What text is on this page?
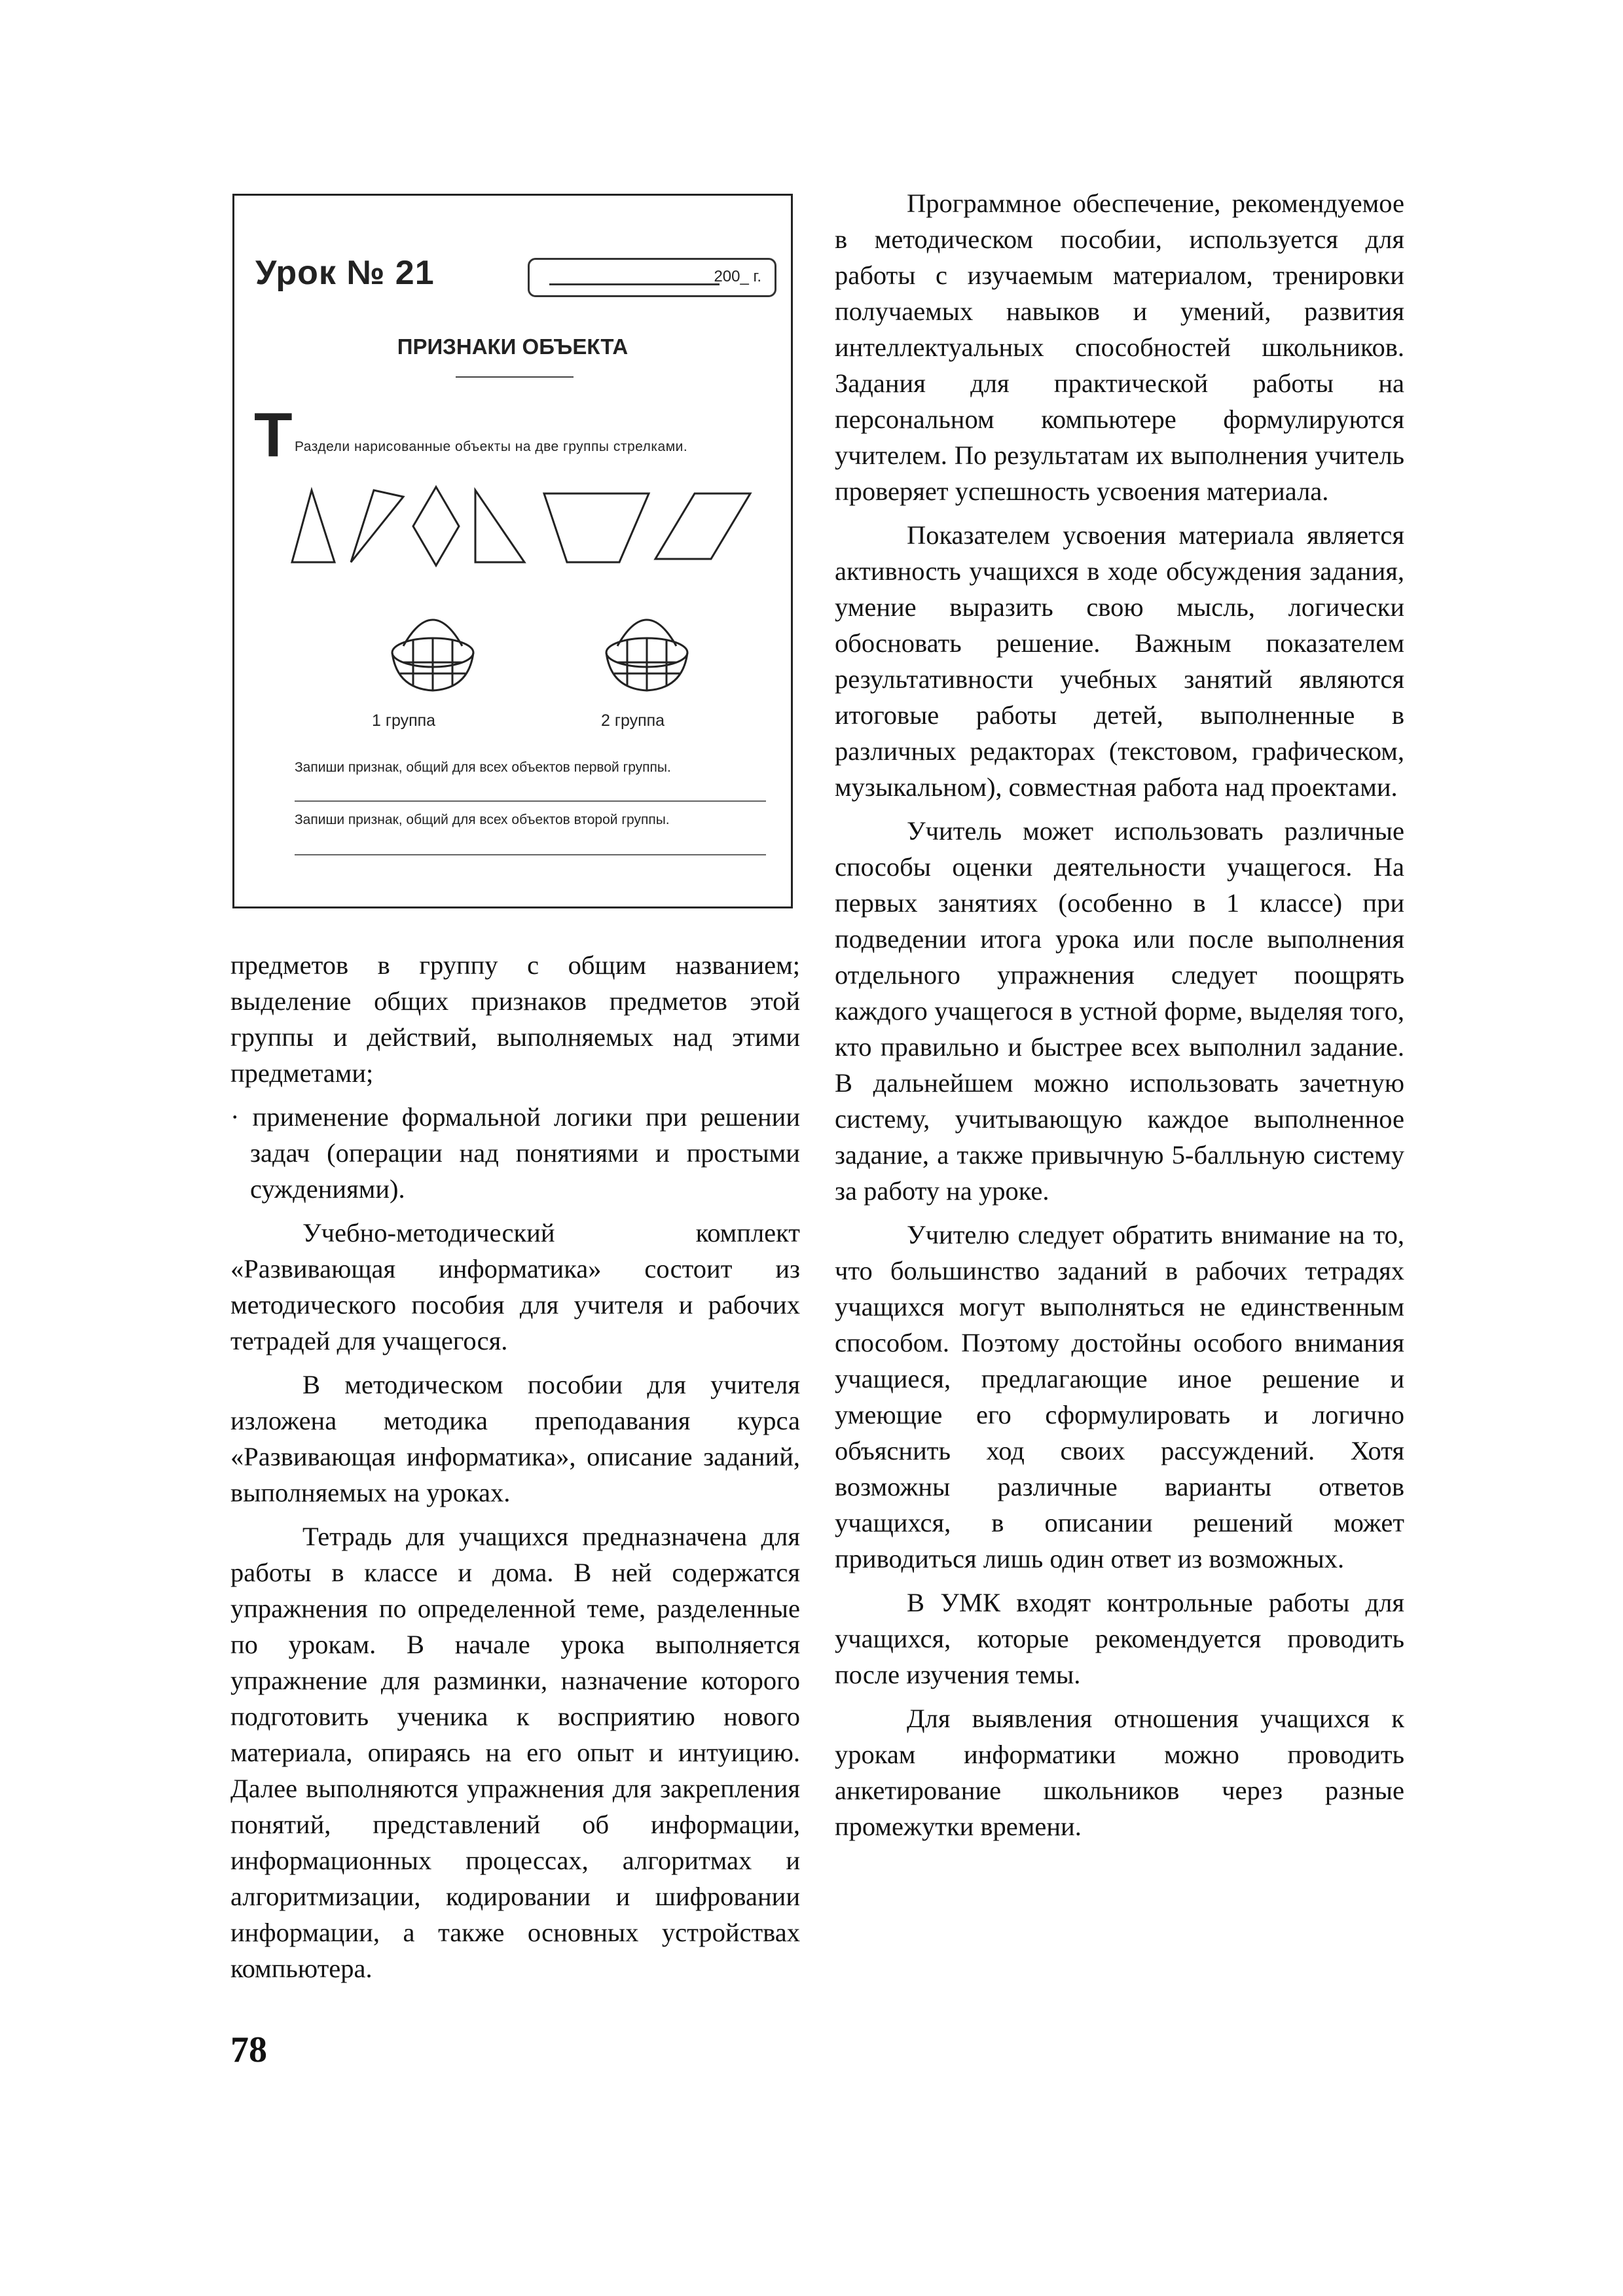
Урок № 21	200_ г.
ПРИЗНАКИ ОБЪЕКТА
T Раздели нарисованные объекты на две группы стрелками.
1 группа	2 группа
Запиши признак, общий для всех объектов первой группы.
Запиши признак, общий для всех объектов второй группы.

предметов в группу с общим названием; выделение общих признаков предметов этой группы и действий, выполняемых над этими предметами;

· применение формальной логики при решении задач (операции над понятиями и простыми суждениями).

Учебно-методический комплект «Развивающая информатика» состоит из методического пособия для учителя и рабочих тетрадей для учащегося.

В методическом пособии для учителя изложена методика преподавания курса «Развивающая информатика», описание заданий, выполняемых на уроках.

Тетрадь для учащихся предназначена для работы в классе и дома. В ней содержатся упражнения по определенной теме, разделенные по урокам. В начале урока выполняется упражнение для разминки, назначение которого подготовить ученика к восприятию нового материала, опираясь на его опыт и интуицию. Далее выполняются упражнения для закрепления понятий, представлений об информации, информационных процессах, алгоритмах и алгоритмизации, кодировании и шифровании информации, а также основных устройствах компьютера.

Программное обеспечение, рекомендуемое в методическом пособии, используется для работы с изучаемым материалом, тренировки получаемых навыков и умений, развития интеллектуальных способностей школьников. Задания для практической работы на персональном компьютере формулируются учителем. По результатам их выполнения учитель проверяет успешность усвоения материала.

Показателем усвоения материала является активность учащихся в ходе обсуждения задания, умение выразить свою мысль, логически обосновать решение. Важным показателем результативности учебных занятий являются итоговые работы детей, выполненные в различных редакторах (текстовом, графическом, музыкальном), совместная работа над проектами.

Учитель может использовать различные способы оценки деятельности учащегося. На первых занятиях (особенно в 1 классе) при подведении итога урока или после выполнения отдельного упражнения следует поощрять каждого учащегося в устной форме, выделяя того, кто правильно и быстрее всех выполнил задание. В дальнейшем можно использовать зачетную систему, учитывающую каждое выполненное задание, а также привычную 5-балльную систему за работу на уроке.

Учителю следует обратить внимание на то, что большинство заданий в рабочих тетрадях учащихся могут выполняться не единственным способом. Поэтому достойны особого внимания учащиеся, предлагающие иное решение и умеющие его сформулировать и логично объяснить ход своих рассуждений. Хотя возможны различные варианты ответов учащихся, в описании решений может приводиться лишь один ответ из возможных.

В УМК входят контрольные работы для учащихся, которые рекомендуется проводить после изучения темы.

Для выявления отношения учащихся к урокам информатики можно проводить анкетирование школьников через разные промежутки времени.

78
